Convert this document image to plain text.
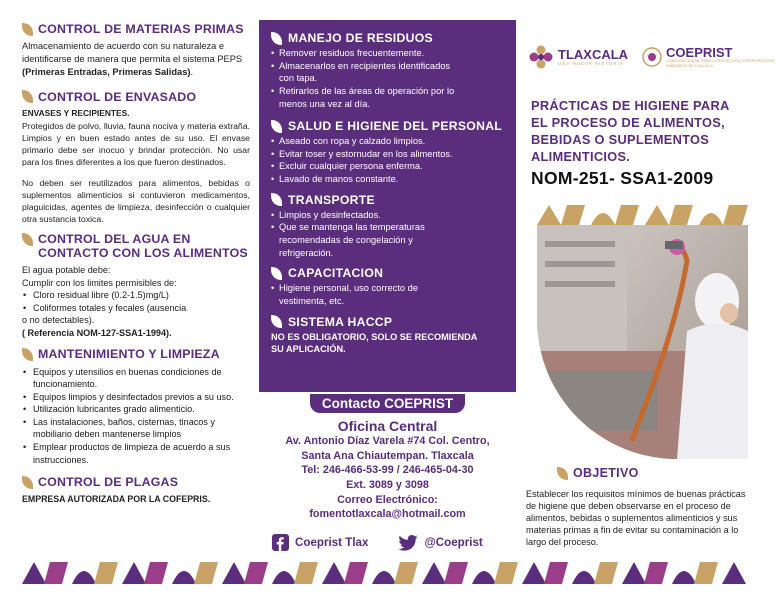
CONTROL DE MATERIAS PRIMAS

Almacenamiento de acuerdo con su naturaleza e identificarse de manera que permita el sistema PEPS (Primeras Entradas, Primeras Salidas).

CONTROL DE ENVASADO

ENVASES Y RECIPIENTES.

Protegidos de polvo, lluvia, fauna nociva y materia extraña. Limpios y en buen estado antes de su uso. El envase primario debe ser inocuo y brindar protección. No usar para los fines diferentes a los que fueron destinados.

No deben ser reutilizados para alimentos, bebidas o suplementos alimenticios si contuvieron medicamentos, plaguicidas, agentes de limpieza, desinfección o cualquier otra sustancia toxica.

CONTROL DEL AGUA EN
CONTACTO CON LOS ALIMENTOS

El agua potable debe:

Cumplir con los limites permisibles de:

• Cloro residual libre (0.2-1.5)mg/L)
• Coliformes totales y fecales (ausencia

o no detectables).

( Referencia NOM-127-SSA1-1994).

MANTENIMIENTO Y LIMPIEZA
• Equipos y utensilios en buenas condiciones de funcionamiento.
• Equipos limpios y desinfectados previos a su uso.
• Utilización lubricantes grado alimenticio.
• Las instalaciones, baños, cisternas, tinacos y mobiliario deben mantenerse limpios
• Emplear productos de limpieza de acuerdo a sus instrucciones.
CONTROL DE PLAGAS

EMPRESA AUTORIZADA POR LA COFEPRIS.

MANEJO DE RESIDUOS
• Remover residuos frecuentemente.
• Almacenarlos en recipientes identificados
con tapa.
• Retirarlos de las áreas de operación por lo
menos una vez al día.
SALUD E HIGIENE DEL PERSONAL
• Aseado con ropa y calzado limpios.
• Evitar toser y estornudar en los alimentos.
• Excluir cualquier persona enferma.
• Lavado de manos constante.
TRANSPORTE
• Limpios y desinfectados.
• Que se mantenga las temperaturas
recomendadas de congelación y
refrigeración.
CAPACITACION
• Higiene personal, uso correcto de
vestimenta, etc.
SISTEMA HACCP

NO ES OBLIGATORIO, SOLO SE RECOMIENDA

SU APLICACIÓN.

Contacto COEPRIST

Oficina Central

Av. Antonio Díaz Varela #74 Col. Centro,

Santa Ana Chiautempan. Tlaxcala

Tel: 246-466-53-99 / 246-465-04-30

Ext. 3089 y 3098

Correo Electrónico:

fomentotlaxcala@hotmail.com

Coeprist Tlax	@Coeprist
TLAXCALA
UNA NUEVA HISTORIA
COEPRIST
COMISIÓN ESTATAL PARA LA PROTECCIÓN CONTRA RIESGOS SANITARIOS DE TLAXCALA
PRÁCTICAS DE HIGIENE PARA
EL PROCESO DE ALIMENTOS,
BEBIDAS O SUPLEMENTOS
ALIMENTICIOS.
NOM-251- SSA1-2009
OBJETIVO

Establecer los requisitos mínimos de buenas prácticas de higiene que deben observarse en el proceso de alimentos, bebidas o suplementos alimenticios y sus materias primas a fin de evitar su contaminación a lo largo del proceso.
